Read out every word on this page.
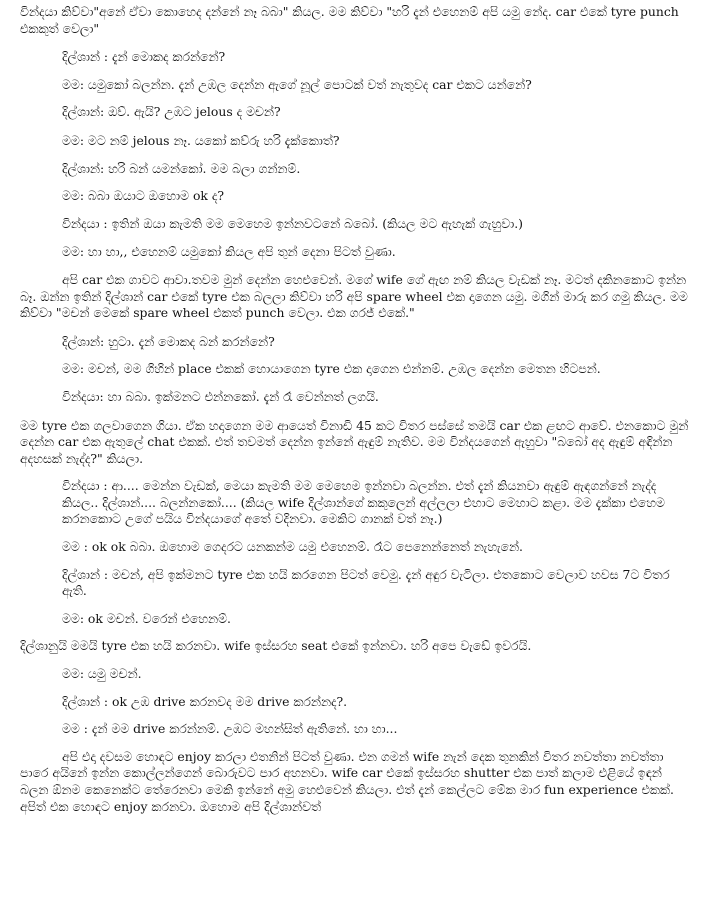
වින්දයා කිව්වා"අනේ ඒවා කොහෙද දන්නේ නෑ බබා" කියල. මම කිව්වා "හරි දැන් එහෙනම් අපි යමු නේද. car එකේ tyre punch එකකුත් වෙලා"

දිල්ශාන් : දැන් මොකද කරන්නේ?

මම: යමුකෝ බලන්න. දැන් උඹල දෙන්න ඇගේ නූල් පොටක් වත් නැතුවද car එකට යන්නේ?

දිල්ශාන්: ඔව්. ඇයි? උඹට jelous ද මචන්?

මම: මට නම් jelous නෑ. යකෝ කව්රු හරි දැක්කොත්?

දිල්ශාන්: හරි බන් යමන්කෝ. මම බලා ගන්නම්.

මම: බබා ඔයාට ඔහොම ok ද?

වින්දයා : ඉතින් ඔයා කැමති මම මෙහෙම ඉන්නවටනේ බබෝ. (කියල මට ඇහැක් ගැහුවා.)

මම: හා හා,, එහෙනම් යමුකෝ කියල අපි තුන් දෙනා පිටත් වුණා.

අපි car එක ගාවට ආවා.තවම මුන් දෙන්න හෙළුවෙන්. මගේ wife ගේ ඇඟ නම් කියල වැඩක් නෑ. මටත් දකිනකොට ඉන්න බෑ. ඔන්න ඉතින් දිල්ශාන් car එකේ tyre එක බලලා කිව්වා හරි අපි spare wheel එක දාගෙන යමු. මගින් මාරු කර ගමු කියල. මම කිව්වා "මචන් මෙකේ spare wheel එකත් punch වෙලා. එක ගරජ් එකේ."

දිල්ශාන්: හුටා. දැන් මොකද බන් කරන්නේ?

මම: මචන්, මම ගිහින් place එකක් හොයාගෙන tyre එක දාගෙන එන්නම්. උඹල දෙන්න මෙතන හිටපන්.

වින්දයා: හා බබා. ඉක්මනට එන්නකෝ. දැන් රෑ වෙන්නත් ලගයි.

මම tyre එක ගලවාගෙන ගියා. ඒක හදාගෙන මම ආයෙත් විනාඩි 45 කට විතර පස්සේ තමයි car එක ළඟට ආවේ. එනකොට මුන් දෙන්න car එක ඇතුලේ chat එකක්. එත් තවමත් දෙන්න ඉන්නේ ඇඳුම් නැතිව. මම වින්දයගෙන් ඇහුවා "බබෝ අද ඇඳුම් අඳින්න අදහසක් නැද්ද?" කියලා.

වින්දයා : ආ.... මෙන්න වැඩක්, මෙයා කැමති මම මෙහෙම ඉන්නවා බලන්න. එත් දැන් කියනවා ඇඳුම් ඇඳගන්නේ නැද්ද කියල.. දිල්ශාන්.... බලන්නකෝ.... (කියල wife දිල්ශාන්ගේ කකුලෙන් අල්ලලා එහාට මෙහාට කළා. මම දැක්කා එහෙම කරනකොට උගේ පයිය වින්දයාගේ අතේ වදිනවා. මෙකිට ගානක් වත් නෑ.)

මම : ok ok බබා. ඔහොම ගෙදරට යනකන්ම යමු එහෙනම්. රෑට පෙනෙන්නෙත් නැහැනේ.

දිල්ශාන් : මචන්, අපි ඉක්මනට tyre එක හයි කරගෙන පිටත් වෙමු. දැන් අඳුර වැටිලා. එතකොට වෙලාව හවස 7ට විතර ඇති.

මම: ok මචන්. වරෙන් එහෙනම්.

දිල්ශානුයි මමයි tyre එක හයි කරනවා. wife ඉස්සරහ seat එකේ ඉන්නවා. හරි අපෙ වැඩේ ඉවරයි.

මම: යමු මචන්.

දිල්ශාන් : ok උඹ drive කරනවද මම drive කරන්නද?.

මම : දැන් මම drive කරන්නම්. උඹට මහන්සිත් ඇතිනේ. හා හා...

අපි එදා දවසම හොඳට enjoy කරලා එතනින් පිටත් වුණා. එන ගමන් wife නැන් දෙක තුනකින් විතර නවත්තා නවත්තා පාරෙ අයිනේ ඉන්න කොල්ලන්ගෙන් බොරුවට පාර අහනවා. wife car එකේ ඉස්සරහ shutter එක පාත් කලාම එළියේ ඉඳන් බලන ඕනම කෙනෙක්ට තේරෙනවා මෙකි ඉන්නේ අමු හෙළුවෙන් කියලා. එත් දැන් කෙල්ලට මේක මාර fun experience එකක්. අපිත් එක හොඳට enjoy කරනවා. ඔහොම අපි දිල්ශාන්වත්
